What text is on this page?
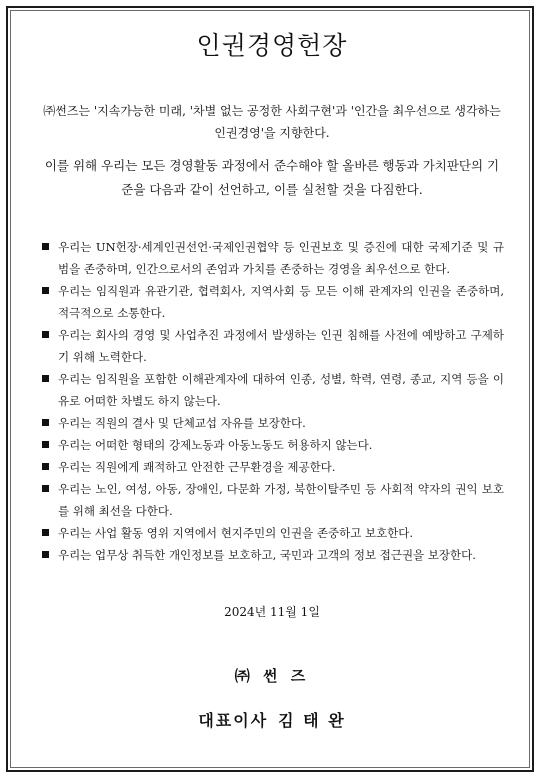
인권경영헌장

㈜썬즈는 '지속가능한 미래, '차별 없는 공정한 사회구현'과 '인간을 최우선으로 생각하는 인권경영'을 지향한다.

이를 위해 우리는 모든 경영활동 과정에서 준수해야 할 올바른 행동과 가치판단의 기준을 다음과 같이 선언하고, 이를 실천할 것을 다짐한다.

우리는 UN헌장·세계인권선언·국제인권협약 등 인권보호 및 증진에 대한 국제기준 및 규범을 존중하며, 인간으로서의 존엄과 가치를 존중하는 경영을 최우선으로 한다.
우리는 임직원과 유관기관, 협력회사, 지역사회 등 모든 이해 관계자의 인권을 존중하며, 적극적으로 소통한다.
우리는 회사의 경영 및 사업추진 과정에서 발생하는 인권 침해를 사전에 예방하고 구제하기 위해 노력한다.
우리는 임직원을 포함한 이해관계자에 대하여 인종, 성별, 학력, 연령, 종교, 지역 등을 이유로 어떠한 차별도 하지 않는다.
우리는 직원의 결사 및 단체교섭 자유를 보장한다.
우리는 어떠한 형태의 강제노동과 아동노동도 허용하지 않는다.
우리는 직원에게 쾌적하고 안전한 근무환경을 제공한다.
우리는 노인, 여성, 아동, 장애인, 다문화 가정, 북한이탈주민 등 사회적 약자의 권익 보호를 위해 최선을 다한다.
우리는 사업 활동 영위 지역에서 현지주민의 인권을 존중하고 보호한다.
우리는 업무상 취득한 개인정보를 보호하고, 국민과 고객의 정보 접근권을 보장한다.

2024년 11월 1일

㈜ 썬 즈

대표이사 김 태 완
